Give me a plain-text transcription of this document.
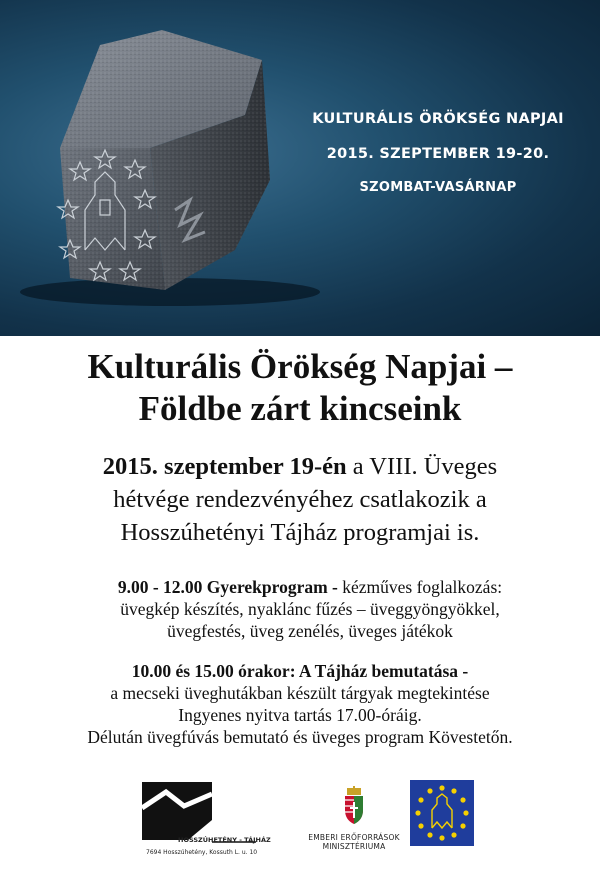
KULTURÁLIS ÖRÖKSÉG NAPJAI
2015. SZEPTEMBER 19-20.
SZOMBAT-VASÁRNAP
Kulturális Örökség Napjai –
Földbe zárt kincseink
2015. szeptember 19-én a VIII. Üveges
hétvége rendezvényéhez csatlakozik a
Hosszúhetényi Tájház programjai is.
9.00 - 12.00 Gyerekprogram - kézműves foglalkozás:
üvegkép készítés, nyaklánc fűzés – üveggyöngyökkel,
üvegfestés, üveg zenélés, üveges játékok
10.00 és 15.00 órakor: A Tájház bemutatása -
a mecseki üveghutákban készült tárgyak megtekintése
Ingyenes nyitva tartás 17.00-óráig.
Délután üvegfúvás bemutató és üveges program Kövestetőn.
HOSSZÚHETÉNY - TÁJHÁZ
7694 Hosszúhetény, Kossuth L. u. 10
EMBERI ERŐFORRÁSOK
MINISZTÉRIUMA
